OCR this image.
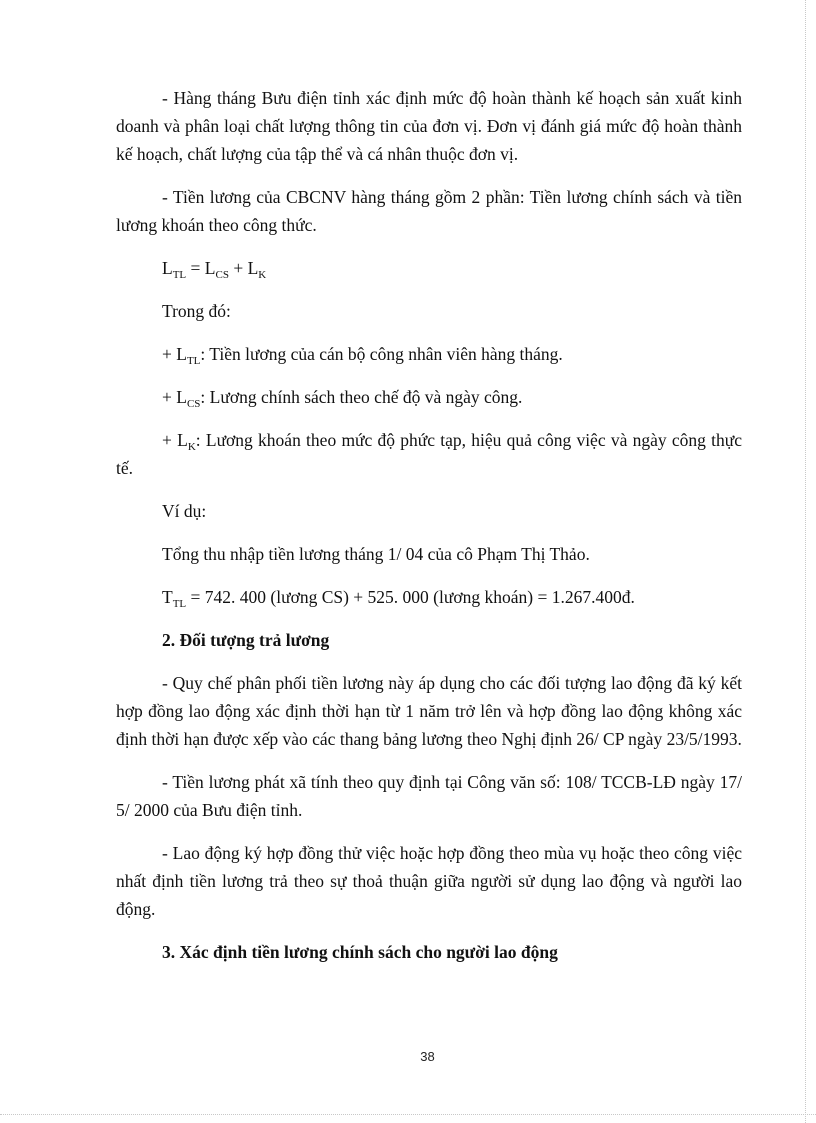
- Hàng tháng Bưu điện tỉnh xác định mức độ hoàn thành kế hoạch sản xuất kinh doanh và phân loại chất lượng thông tin của đơn vị. Đơn vị đánh giá mức độ hoàn thành kế hoạch, chất lượng của tập thể và cá nhân thuộc đơn vị.

- Tiền lương của CBCNV hàng tháng gồm 2 phần: Tiền lương chính sách và tiền lương khoán theo công thức.

$L_{TL} = L_{CS} + L_K$

Trong đó:

+ $L_{TL}$: Tiền lương của cán bộ công nhân viên hàng tháng.

+ $L_{CS}$: Lương chính sách theo chế độ và ngày công.

+ $L_K$: Lương khoán theo mức độ phức tạp, hiệu quả công việc và ngày công thực tế.

Ví dụ:

Tổng thu nhập tiền lương tháng 1/ 04 của cô Phạm Thị Thảo.

$T_{TL} = 742$. 400 (lương CS) + 525. 000 (lương khoán) = 1.267.400đ.

2. Đối tượng trả lương

- Quy chế phân phối tiền lương này áp dụng cho các đối tượng lao động đã ký kết hợp đồng lao động xác định thời hạn từ 1 năm trở lên và hợp đồng lao động không xác định thời hạn được xếp vào các thang bảng lương theo Nghị định 26/ CP ngày 23/5/1993.

- Tiền lương phát xã tính theo quy định tại Công văn số: 108/ TCCB-LĐ ngày 17/ 5/ 2000 của Bưu điện tỉnh.

- Lao động ký hợp đồng thử việc hoặc hợp đồng theo mùa vụ hoặc theo công việc nhất định tiền lương trả theo sự thoả thuận giữa người sử dụng lao động và người lao động.

3. Xác định tiền lương chính sách cho người lao động

38
